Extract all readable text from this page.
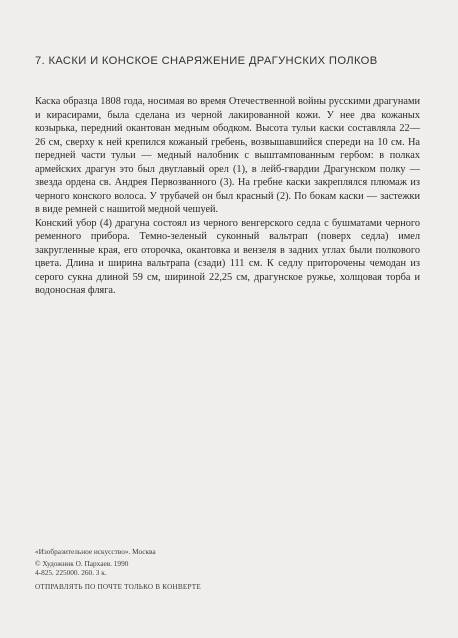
7. КАСКИ И КОНСКОЕ СНАРЯЖЕНИЕ ДРАГУНСКИХ ПОЛКОВ

Каска образца 1808 года, носимая во время Отечественной войны русскими драгунами и кирасирами, была сделана из черной лакированной кожи. У нее два кожаных козырька, передний окантован медным ободком. Высота тульи каски составляла 22—26 см, сверху к ней крепился кожаный гребень, возвышавшийся спереди на 10 см. На передней части тульи — медный налобник с выштампованным гербом: в полках армейских драгун это был двуглавый орел (1), в лейб-гвардии Драгунском полку — звезда ордена св. Андрея Первозванного (3). На гребне каски закреплялся плюмаж из черного конского волоса. У трубачей он был красный (2). По бокам каски — застежки в виде ремней с нашитой медной чешуей.

Конский убор (4) драгуна состоял из черного венгерского седла с бушматами черного ременного прибора. Темно-зеленый суконный вальтрап (поверх седла) имел закругленные края, его оторочка, окантовка и вензеля в задних углах были полкового цвета. Длина и ширина вальтрапа (сзади) 111 см. К седлу приторочены чемодан из серого сукна длиной 59 см, шириной 22,25 см, драгунское ружье, холщовая торба и водоносная фляга.

«Изобразительное искусство». Москва
© Художник О. Пархаев. 1990
4-825. 225000. 260. 3 к.
ОТПРАВЛЯТЬ ПО ПОЧТЕ ТОЛЬКО В КОНВЕРТЕ
